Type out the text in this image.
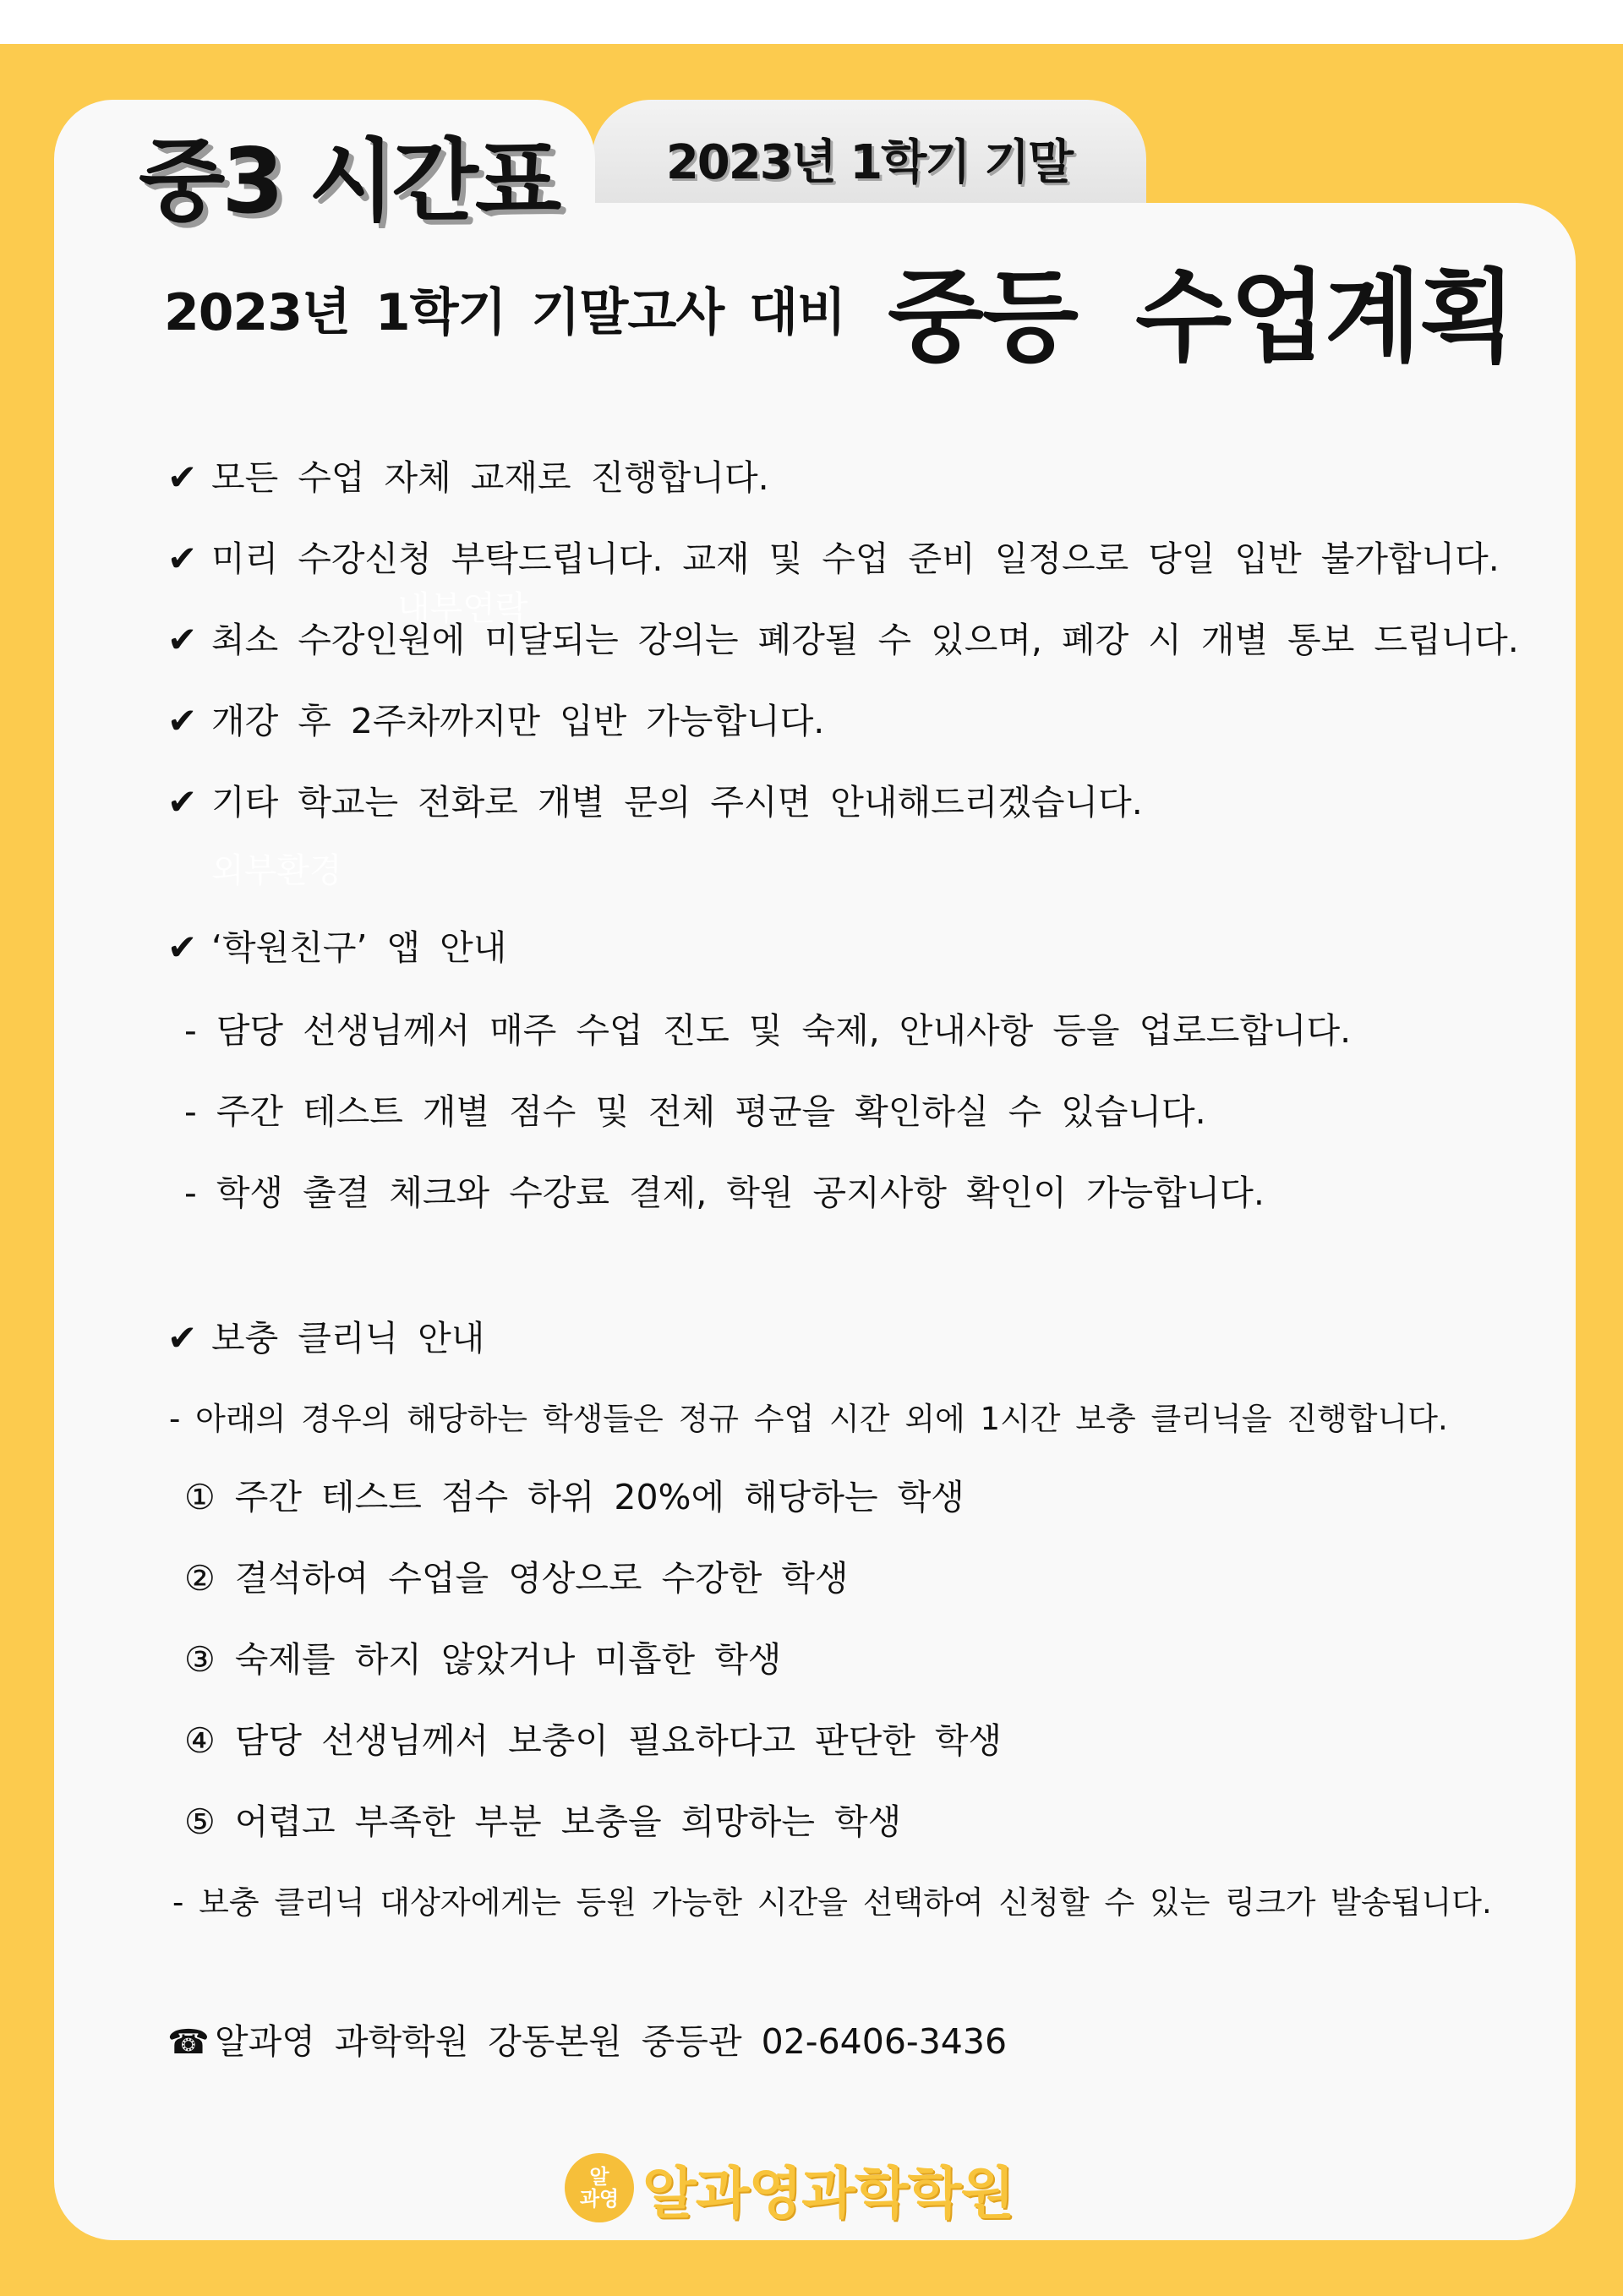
중3 시간표	2023년 1학기 기말
2023년 1학기 기말고사 대비 중등 수업계획
✔ 모든 수업 자체 교재로 진행합니다.
✔ 미리 수강신청 부탁드립니다. 교재 및 수업 준비 일정으로 당일 입반 불가합니다.
내부연락
✔ 최소 수강인원에 미달되는 강의는 폐강될 수 있으며, 폐강 시 개별 통보 드립니다.
✔ 개강 후 2주차까지만 입반 가능합니다.
✔ 기타 학교는 전화로 개별 문의 주시면 안내해드리겠습니다.
외부환경
✔ ‘학원친구’ 앱 안내
- 담당 선생님께서 매주 수업 진도 및 숙제, 안내사항 등을 업로드합니다.
- 주간 테스트 개별 점수 및 전체 평균을 확인하실 수 있습니다.
- 학생 출결 체크와 수강료 결제, 학원 공지사항 확인이 가능합니다.
✔ 보충 클리닉 안내
- 아래의 경우의 해당하는 학생들은 정규 수업 시간 외에 1시간 보충 클리닉을 진행합니다.
① 주간 테스트 점수 하위 20%에 해당하는 학생
② 결석하여 수업을 영상으로 수강한 학생
③ 숙제를 하지 않았거나 미흡한 학생
④ 담당 선생님께서 보충이 필요하다고 판단한 학생
⑤ 어렵고 부족한 부분 보충을 희망하는 학생
- 보충 클리닉 대상자에게는 등원 가능한 시간을 선택하여 신청할 수 있는 링크가 발송됩니다.
☎ 알과영 과학학원 강동본원 중등관 02-6406-3436
알
과영 알과영과학학원
